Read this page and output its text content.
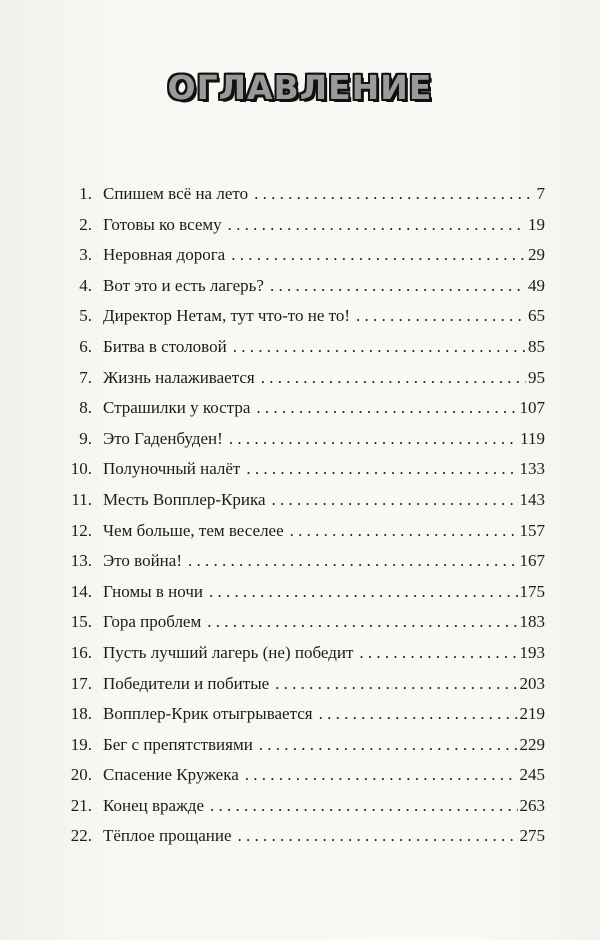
ОГЛАВЛЕНИЕ
1. Спишем всё на лето . . .	7
2. Готовы ко всему . . .	19
3. Неровная дорога . . .	29
4. Вот это и есть лагерь? . . .	49
5. Директор Нетам, тут что-то не то! . . .	65
6. Битва в столовой . . .	85
7. Жизнь налаживается . . .	95
8. Страшилки у костра . . .	107
9. Это Гаденбуден! . . .	119
10. Полуночный налёт . . .	133
11. Месть Вопплер-Крика . . .	143
12. Чем больше, тем веселее . . .	157
13. Это война! . . .	167
14. Гномы в ночи . . .	175
15. Гора проблем . . .	183
16. Пусть лучший лагерь (не) победит . . .	193
17. Победители и побитые . . .	203
18. Вопплер-Крик отыгрывается . . .	219
19. Бег с препятствиями . . .	229
20. Спасение Кружека . . .	245
21. Конец вражде . . .	263
22. Тёплое прощание . . .	275
